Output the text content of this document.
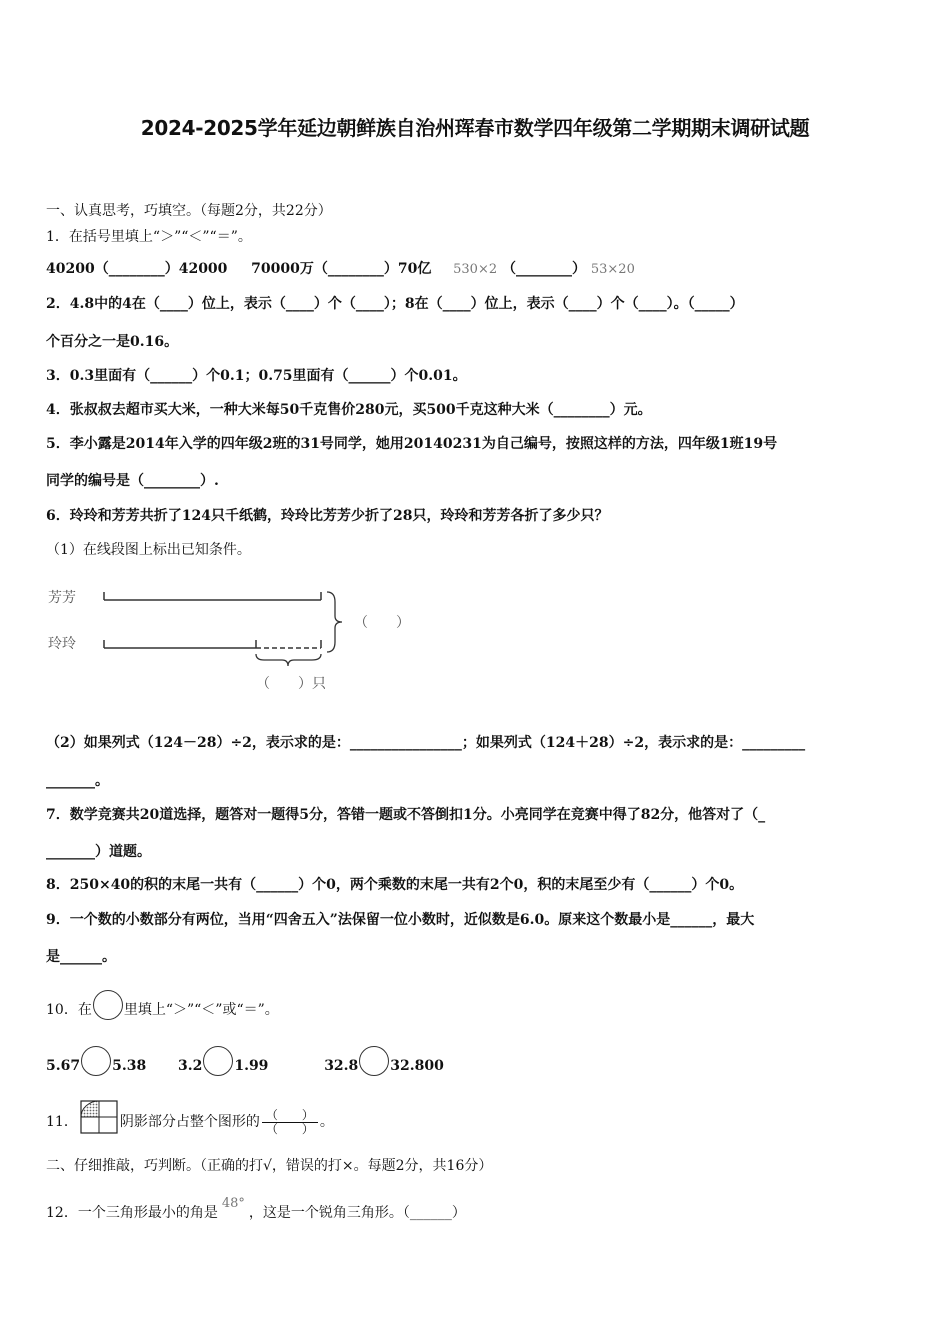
2024-2025学年延边朝鲜族自治州珲春市数学四年级第二学期期末调研试题
一、认真思考，巧填空。（每题2分，共22分）
1．在括号里填上“＞”“＜”“＝”。
40200（________）42000 70000万（________）70亿 530×2 （________） 53×20
2．4.8中的4在（____）位上，表示（____）个（____）；8在（____）位上，表示（____）个（____）。（_____）
个百分之一是0.16。
3．0.3里面有（______）个0.1；0.75里面有（______）个0.01。
4．张叔叔去超市买大米，一种大米每50千克售价280元，买500千克这种大米（________）元。
5．李小露是2014年入学的四年级2班的31号同学，她用20140231为自己编号，按照这样的方法，四年级1班19号
同学的编号是（________）.
6．玲玲和芳芳共折了124只千纸鹤，玲玲比芳芳少折了28只，玲玲和芳芳各折了多少只？
（1）在线段图上标出已知条件。
芳芳
玲玲
（　　）
（　　）只
（2）如果列式（124－28）÷2，表示求的是：________________；如果列式（124＋28）÷2，表示求的是：_________
_______。
7．数学竞赛共20道选择，题答对一题得5分，答错一题或不答倒扣1分。小亮同学在竞赛中得了82分，他答对了（_
_______）道题。
8．250×40的积的末尾一共有（______）个0，两个乘数的末尾一共有2个0，积的末尾至少有（______）个0。
9．一个数的小数部分有两位，当用“四舍五入”法保留一位小数时，近似数是6.0。原来这个数最小是______，最大
是______。
10．在 里填上“＞”“＜”或“＝”。
5.67 5.38 3.2 1.99	32.8 32.800
11．	阴影部分占整个图形的 $\frac{( )}{( )}$ 。
二、仔细推敲，巧判断。（正确的打√，错误的打×。每题2分，共16分）
12．一个三角形最小的角是48°，这是一个锐角三角形。（______）
